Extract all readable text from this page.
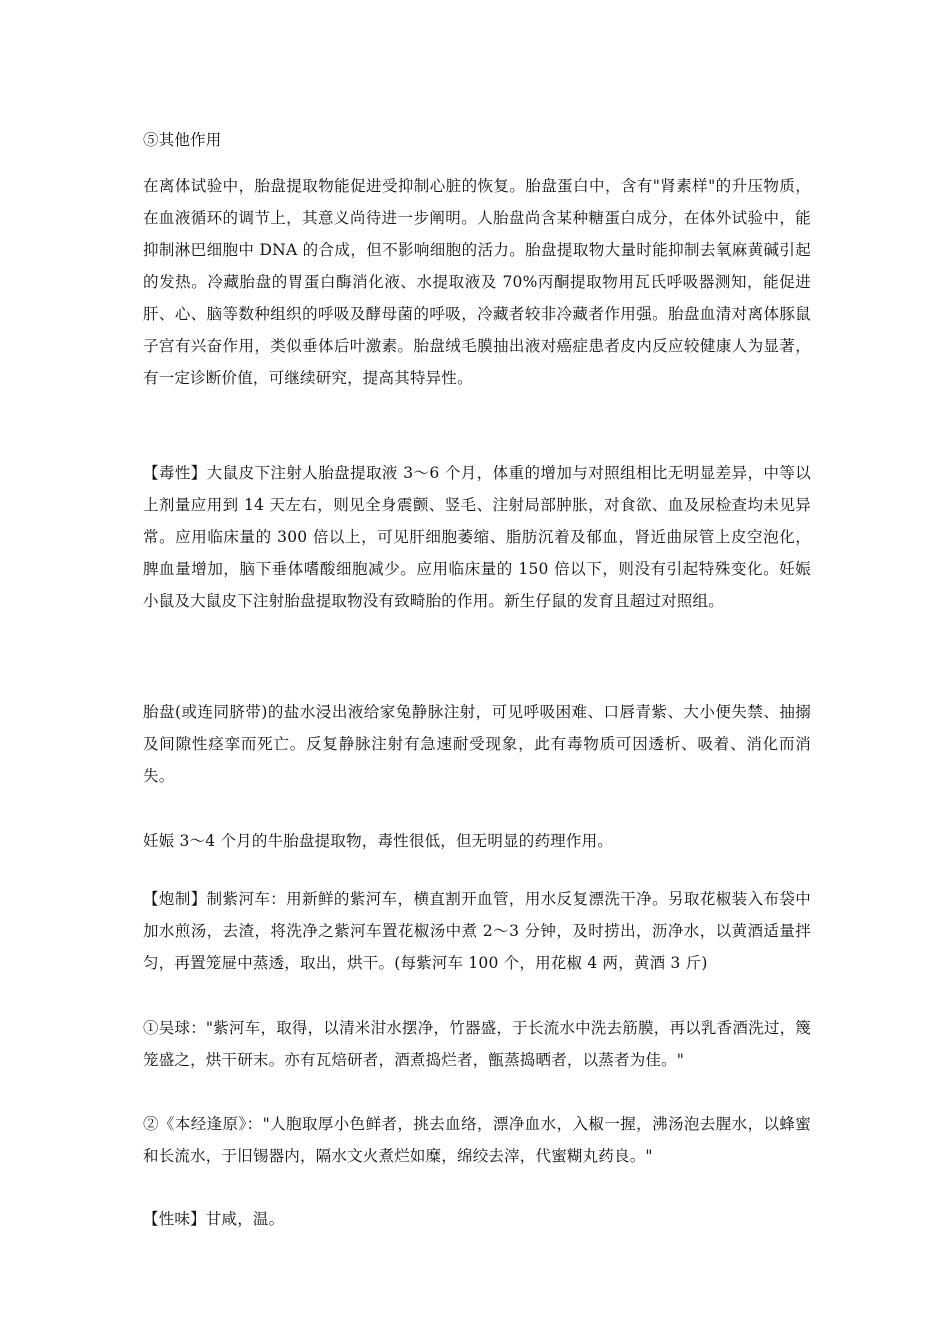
⑤其他作用
在离体试验中，胎盘提取物能促进受抑制心脏的恢复。胎盘蛋白中，含有"肾素样"的升压物质，在血液循环的调节上，其意义尚待进一步阐明。人胎盘尚含某种糖蛋白成分，在体外试验中，能抑制淋巴细胞中 DNA 的合成，但不影响细胞的活力。胎盘提取物大量时能抑制去氧麻黄碱引起的发热。冷藏胎盘的胃蛋白酶消化液、水提取液及 70%丙酮提取物用瓦氏呼吸器测知，能促进肝、心、脑等数种组织的呼吸及酵母菌的呼吸，冷藏者较非冷藏者作用强。胎盘血清对离体豚鼠子宫有兴奋作用，类似垂体后叶激素。胎盘绒毛膜抽出液对癌症患者皮内反应较健康人为显著，有一定诊断价值，可继续研究，提高其特异性。
【毒性】大鼠皮下注射人胎盘提取液 3～6 个月，体重的增加与对照组相比无明显差异，中等以上剂量应用到 14 天左右，则见全身震颤、竖毛、注射局部肿胀，对食欲、血及尿检查均未见异常。应用临床量的 300 倍以上，可见肝细胞萎缩、脂肪沉着及郁血，肾近曲尿管上皮空泡化，脾血量增加，脑下垂体嗜酸细胞减少。应用临床量的 150 倍以下，则没有引起特殊变化。妊娠小鼠及大鼠皮下注射胎盘提取物没有致畸胎的作用。新生仔鼠的发育且超过对照组。
胎盘(或连同脐带)的盐水浸出液给家兔静脉注射，可见呼吸困难、口唇青紫、大小便失禁、抽搦及间隙性痉挛而死亡。反复静脉注射有急速耐受现象，此有毒物质可因透析、吸着、消化而消失。
妊娠 3～4 个月的牛胎盘提取物，毒性很低，但无明显的药理作用。
【炮制】制紫河车：用新鲜的紫河车，横直割开血管，用水反复漂洗干净。另取花椒装入布袋中加水煎汤，去渣，将洗净之紫河车置花椒汤中煮 2～3 分钟，及时捞出，沥净水，以黄酒适量拌匀，再置笼屉中蒸透，取出，烘干。(每紫河车 100 个，用花椒 4 两，黄酒 3 斤)
①吴球："紫河车，取得，以清米泔水摆净，竹器盛，于长流水中洗去筋膜，再以乳香酒洗过，篾笼盛之，烘干研末。亦有瓦焙研者，酒煮捣烂者，甑蒸捣晒者，以蒸者为佳。"
②《本经逢原》："人胞取厚小色鲜者，挑去血络，漂净血水，入椒一握，沸汤泡去腥水，以蜂蜜和长流水，于旧锡器内，隔水文火煮烂如糜，绵绞去滓，代蜜糊丸药良。"
【性味】甘咸，温。
